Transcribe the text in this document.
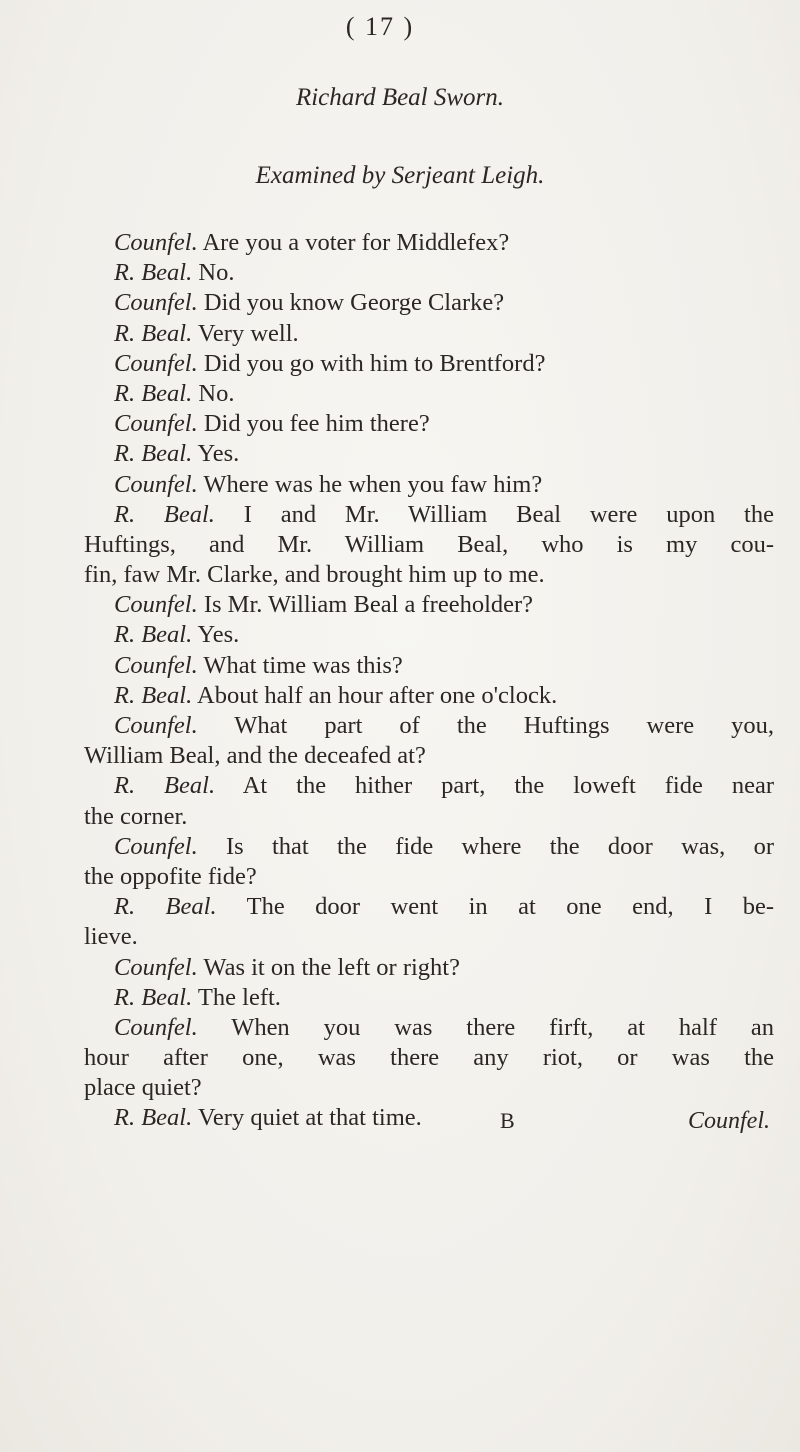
( 17 )
Richard Beal Sworn.
Examined by Serjeant Leigh.
Counfel. Are you a voter for Middlefex?
R. Beal. No.
Counfel. Did you know George Clarke?
R. Beal. Very well.
Counfel. Did you go with him to Brentford?
R. Beal. No.
Counfel. Did you fee him there?
R. Beal. Yes.
Counfel. Where was he when you faw him?
R. Beal. I and Mr. William Beal were upon the
Huftings, and Mr. William Beal, who is my cou-
fin, faw Mr. Clarke, and brought him up to me.
Counfel. Is Mr. William Beal a freeholder?
R. Beal. Yes.
Counfel. What time was this?
R. Beal. About half an hour after one o'clock.
Counfel. What part of the Huftings were you,
William Beal, and the deceafed at?
R. Beal. At the hither part, the loweft fide near
the corner.
Counfel. Is that the fide where the door was, or
the oppofite fide?
R. Beal. The door went in at one end, I be-
lieve.
Counfel. Was it on the left or right?
R. Beal. The left.
Counfel. When you was there firft, at half an
hour after one, was there any riot, or was the
place quiet?
R. Beal. Very quiet at that time.	B	Counfel.
